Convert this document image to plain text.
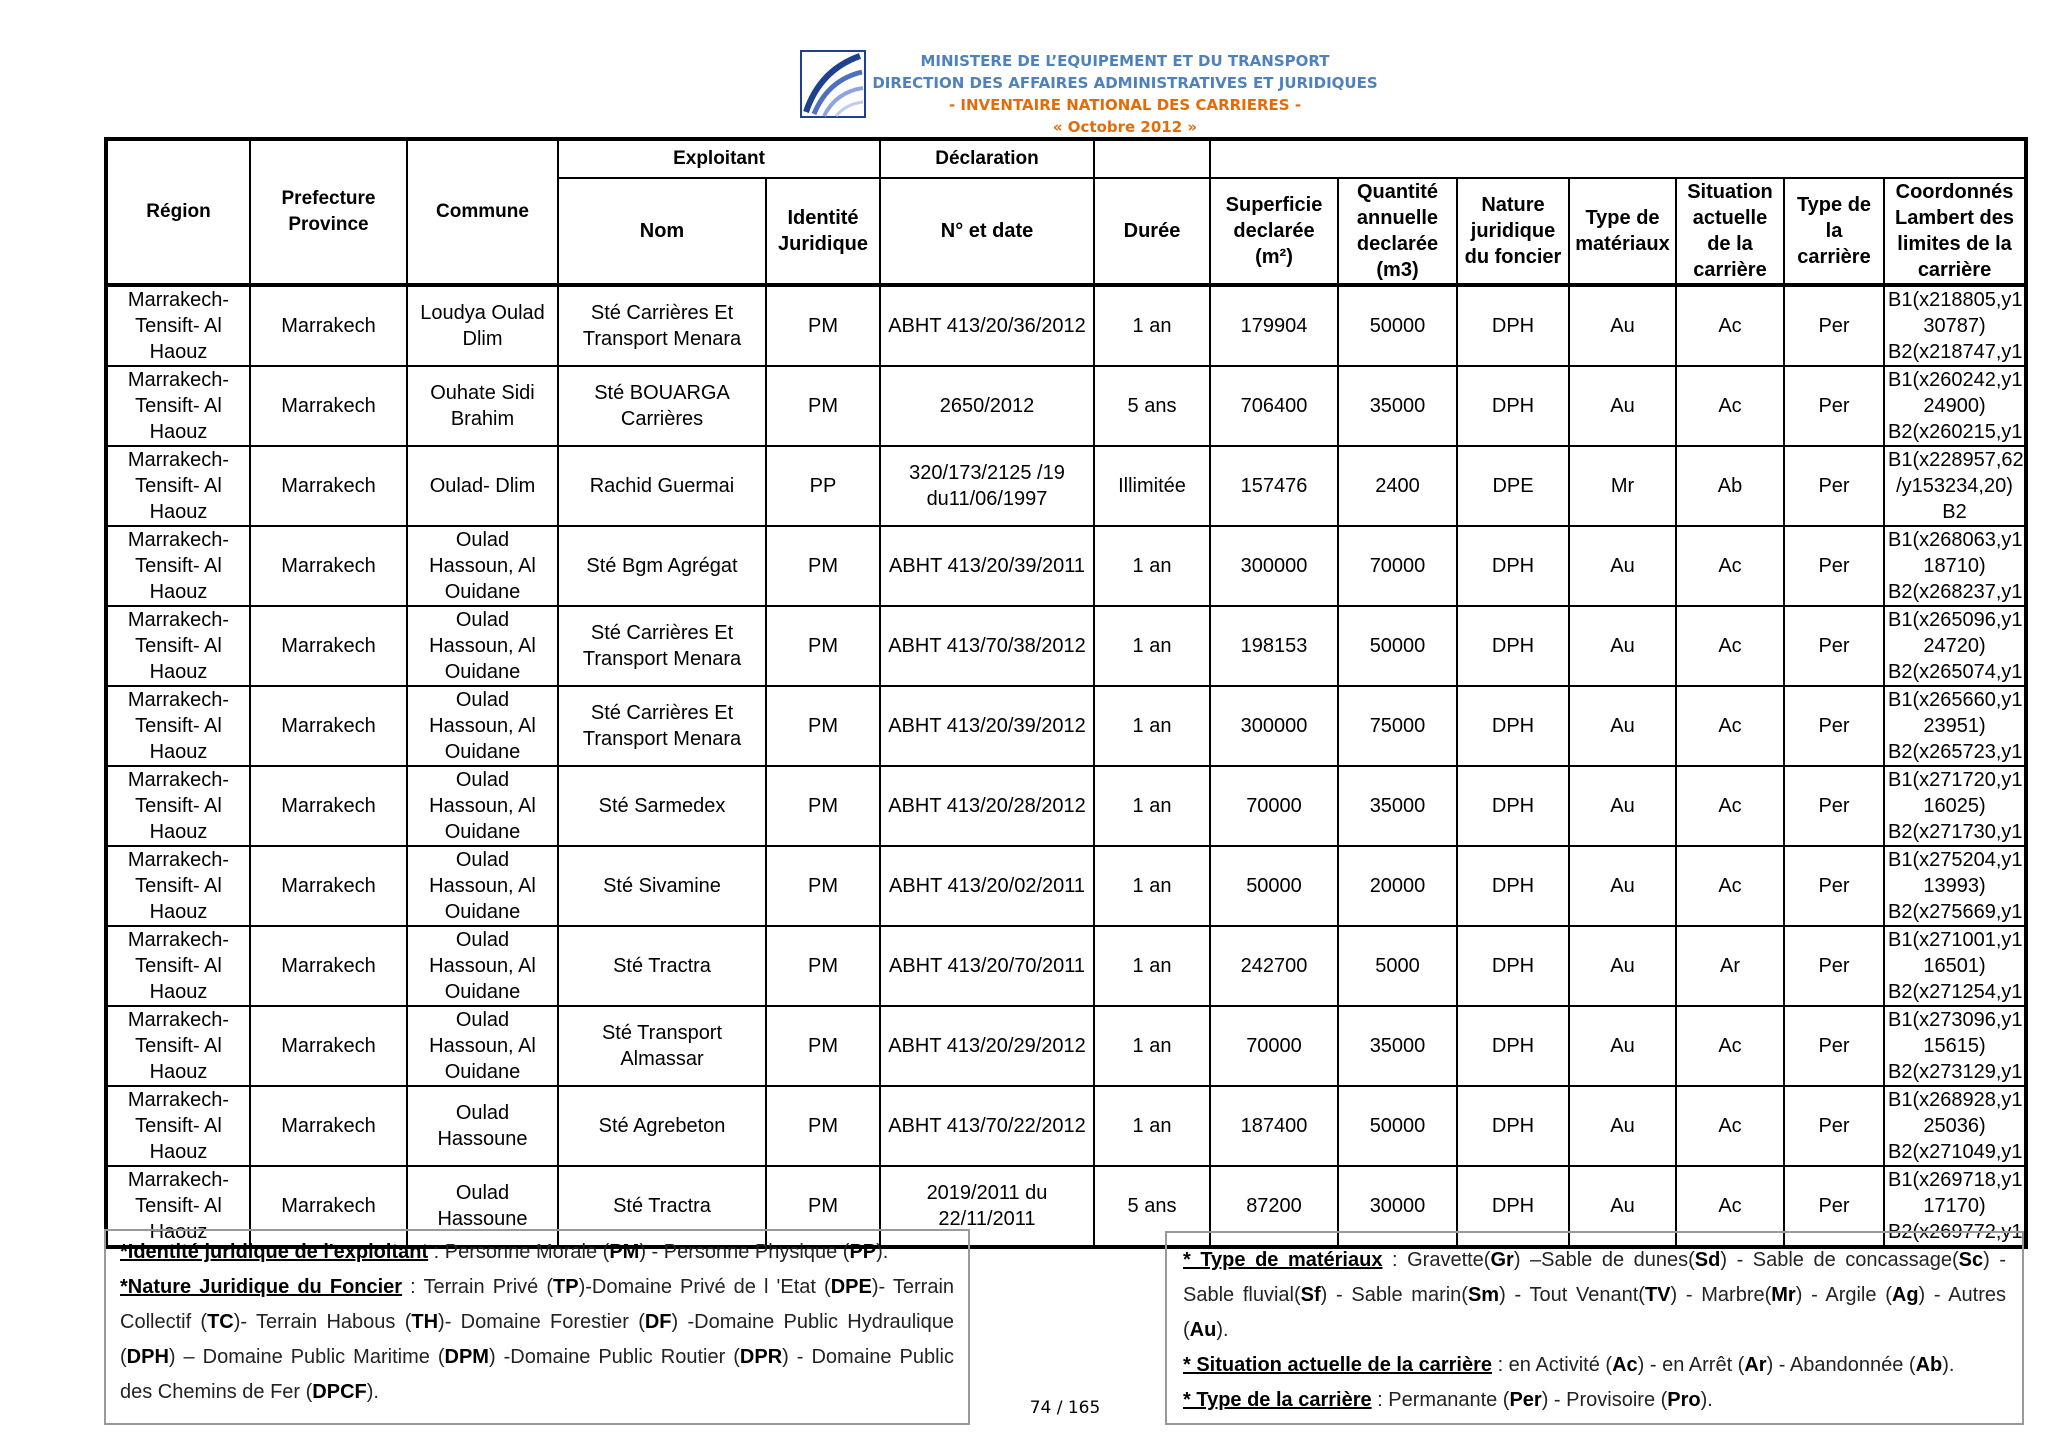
MINISTERE DE L’EQUIPEMENT ET DU TRANSPORT
DIRECTION DES AFFAIRES ADMINISTRATIVES ET JURIDIQUES
- INVENTAIRE NATIONAL DES CARRIERES -
« Octobre 2012 »
Région	Prefecture Province	Commune	Exploitant		Déclaration								
			Nom	Identité Juridique	N° et date	Durée	Superficie declarée (m²)	Quantité annuelle declarée (m3)	Nature juridique du foncier	Type de matériaux	Situation actuelle de la carrière	Type de la carrière	Coordonnés Lambert des limites de la carrière
Marrakech-Tensift- Al Haouz	Marrakech	Loudya Oulad Dlim	Sté Carrières Et Transport Menara	PM	ABHT 413/20/36/2012	1 an	179904	50000	DPH	Au	Ac	Per	B1(x218805,y1
30787)
B2(x218747,y1
Marrakech-Tensift- Al Haouz	Marrakech	Ouhate Sidi Brahim	Sté BOUARGA Carrières	PM	2650/2012	5 ans	706400	35000	DPH	Au	Ac	Per	B1(x260242,y1
24900)
B2(x260215,y1
Marrakech-Tensift- Al Haouz	Marrakech	Oulad- Dlim	Rachid Guermai	PP	320/173/2125 /19 du11/06/1997	Illimitée	157476	2400	DPE	Mr	Ab	Per	B1(x228957,62
/y153234,20)
B2
Marrakech-Tensift- Al Haouz	Marrakech	Oulad Hassoun, Al Ouidane	Sté Bgm Agrégat	PM	ABHT 413/20/39/2011	1 an	300000	70000	DPH	Au	Ac	Per	B1(x268063,y1
18710)
B2(x268237,y1
Marrakech-Tensift- Al Haouz	Marrakech	Oulad Hassoun, Al Ouidane	Sté Carrières Et Transport Menara	PM	ABHT 413/70/38/2012	1 an	198153	50000	DPH	Au	Ac	Per	B1(x265096,y1
24720)
B2(x265074,y1
Marrakech-Tensift- Al Haouz	Marrakech	Oulad Hassoun, Al Ouidane	Sté Carrières Et Transport Menara	PM	ABHT 413/20/39/2012	1 an	300000	75000	DPH	Au	Ac	Per	B1(x265660,y1
23951)
B2(x265723,y1
Marrakech-Tensift- Al Haouz	Marrakech	Oulad Hassoun, Al Ouidane	Sté Sarmedex	PM	ABHT 413/20/28/2012	1 an	70000	35000	DPH	Au	Ac	Per	B1(x271720,y1
16025)
B2(x271730,y1
Marrakech-Tensift- Al Haouz	Marrakech	Oulad Hassoun, Al Ouidane	Sté Sivamine	PM	ABHT 413/20/02/2011	1 an	50000	20000	DPH	Au	Ac	Per	B1(x275204,y1
13993)
B2(x275669,y1
Marrakech-Tensift- Al Haouz	Marrakech	Oulad Hassoun, Al Ouidane	Sté Tractra	PM	ABHT 413/20/70/2011	1 an	242700	5000	DPH	Au	Ar	Per	B1(x271001,y1
16501)
B2(x271254,y1
Marrakech-Tensift- Al Haouz	Marrakech	Oulad Hassoun, Al Ouidane	Sté Transport Almassar	PM	ABHT 413/20/29/2012	1 an	70000	35000	DPH	Au	Ac	Per	B1(x273096,y1
15615)
B2(x273129,y1
Marrakech-Tensift- Al Haouz	Marrakech	Oulad Hassoune	Sté Agrebeton	PM	ABHT 413/70/22/2012	1 an	187400	50000	DPH	Au	Ac	Per	B1(x268928,y1
25036)
B2(x271049,y1
Marrakech-Tensift- Al Haouz	Marrakech	Oulad Hassoune	Sté Tractra	PM	2019/2011 du 22/11/2011	5 ans	87200	30000	DPH	Au	Ac	Per	B1(x269718,y1
17170)
B2(x269772,y1
*Identité juridique de l'exploitant : Personne Morale (PM) - Personne Physique (PP).
*Nature Juridique du Foncier : Terrain Privé (TP)-Domaine Privé de l 'Etat (DPE)- Terrain Collectif (TC)- Terrain Habous (TH)- Domaine Forestier (DF) -Domaine Public Hydraulique (DPH) – Domaine Public Maritime (DPM) -Domaine Public Routier (DPR) - Domaine Public des Chemins de Fer (DPCF).
* Type de matériaux : Gravette(Gr) –Sable de dunes(Sd) - Sable de concassage(Sc) - Sable fluvial(Sf) - Sable marin(Sm) - Tout Venant(TV) - Marbre(Mr) - Argile (Ag) - Autres (Au).
* Situation actuelle de la carrière : en Activité (Ac) - en Arrêt (Ar) - Abandonnée (Ab).
* Type de la carrière : Permanante (Per) - Provisoire (Pro).
74 / 165
